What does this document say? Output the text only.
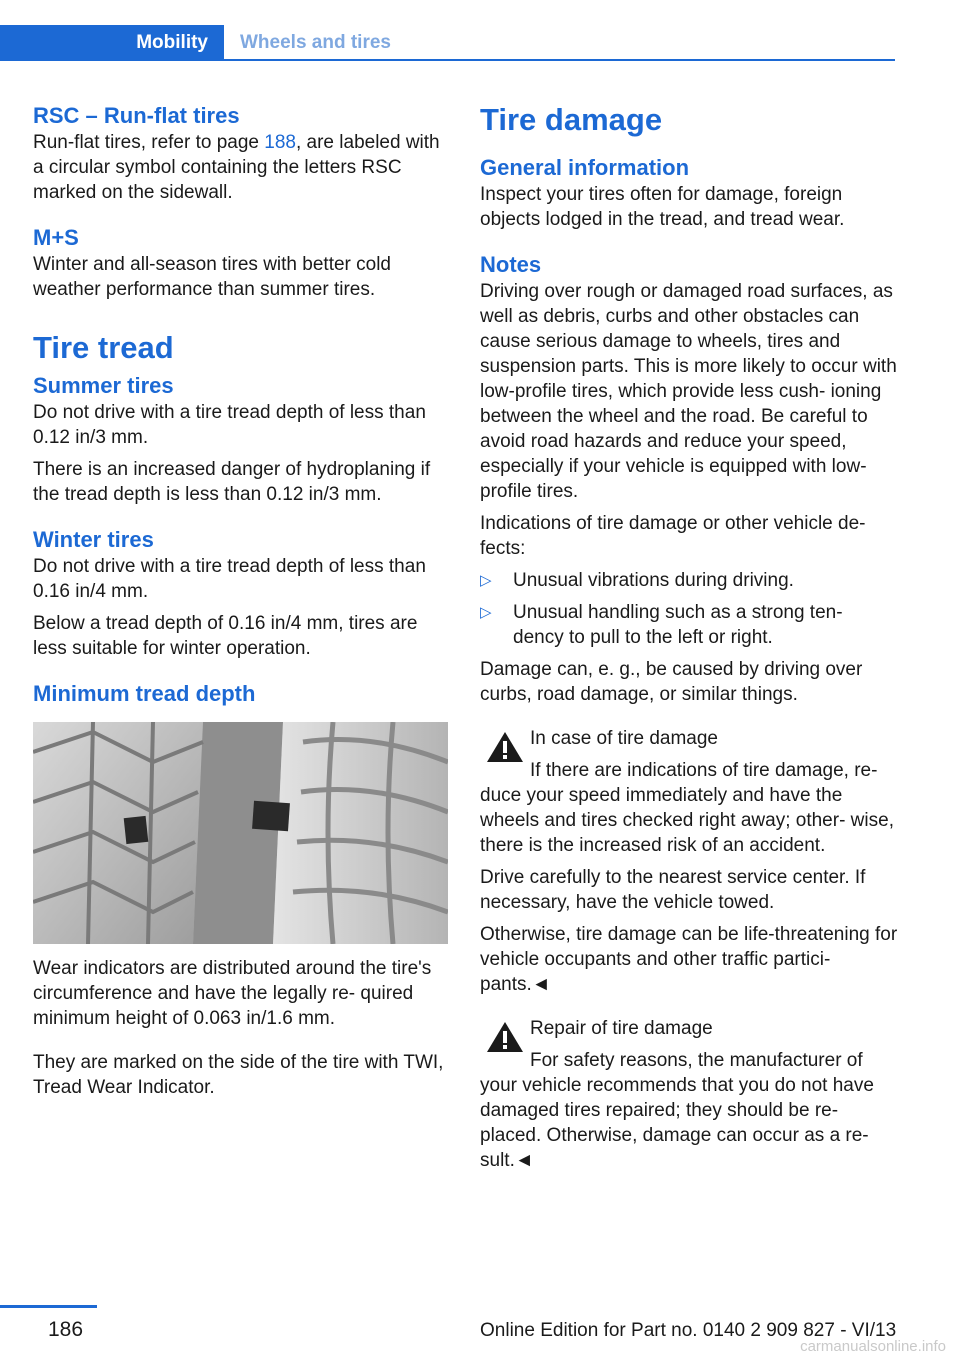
Mobility	Wheels and tires
RSC – Run-flat tires

Run-flat tires, refer to page 188, are labeled with a circular symbol containing the letters RSC marked on the sidewall.

M+S

Winter and all-season tires with better cold weather performance than summer tires.

Tire tread
Summer tires

Do not drive with a tire tread depth of less than 0.12 in/3 mm.

There is an increased danger of hydroplaning if the tread depth is less than 0.12 in/3 mm.

Winter tires

Do not drive with a tire tread depth of less than 0.16 in/4 mm.

Below a tread depth of 0.16 in/4 mm, tires are less suitable for winter operation.

Minimum tread depth

Wear indicators are distributed around the tire's circumference and have the legally re‐ quired minimum height of 0.063 in/1.6 mm.

They are marked on the side of the tire with TWI, Tread Wear Indicator.

Tire damage
General information

Inspect your tires often for damage, foreign objects lodged in the tread, and tread wear.

Notes

Driving over rough or damaged road surfaces, as well as debris, curbs and other obstacles can cause serious damage to wheels, tires and suspension parts. This is more likely to occur with low-profile tires, which provide less cush‐ ioning between the wheel and the road. Be careful to avoid road hazards and reduce your speed, especially if your vehicle is equipped with low-profile tires.

Indications of tire damage or other vehicle de‐ fects:

▷	Unusual vibrations during driving.
▷	Unusual handling such as a strong ten‐ dency to pull to the left or right.

Damage can, e. g., be caused by driving over curbs, road damage, or similar things.

In case of tire damage

If there are indications of tire damage, re‐

duce your speed immediately and have the wheels and tires checked right away; other‐ wise, there is the increased risk of an accident.

Drive carefully to the nearest service center. If necessary, have the vehicle towed.

Otherwise, tire damage can be life-threatening for vehicle occupants and other traffic partici‐ pants.◄

Repair of tire damage

For safety reasons, the manufacturer of

your vehicle recommends that you do not have damaged tires repaired; they should be re‐ placed. Otherwise, damage can occur as a re‐ sult.◄

186	Online Edition for Part no. 0140 2 909 827 - VI/13
carmanualsonline.info
